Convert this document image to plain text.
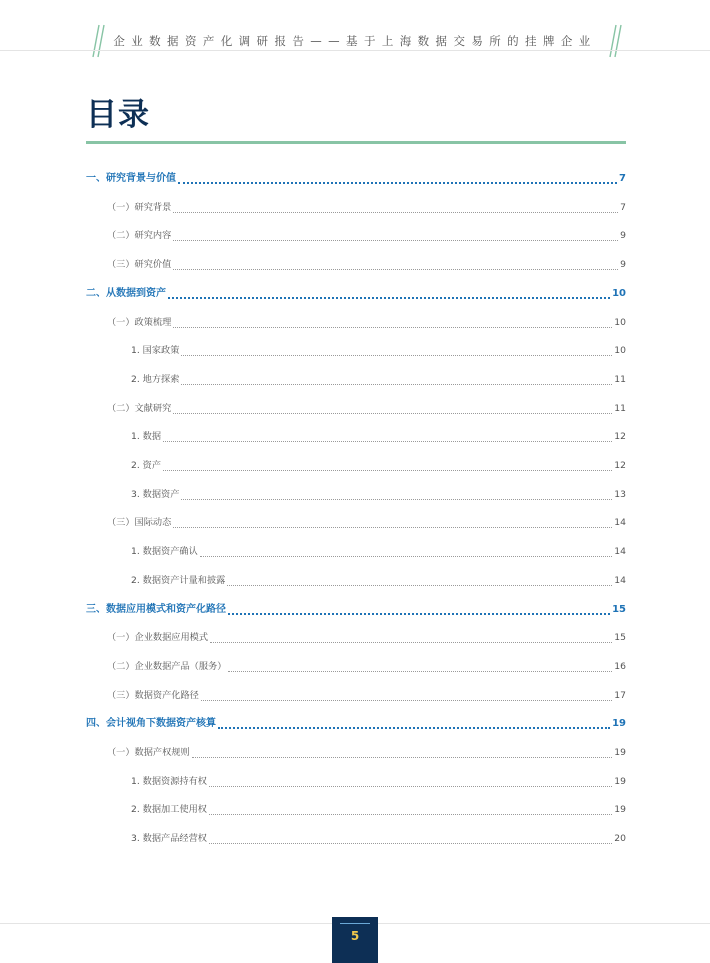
企业数据资产化调研报告——基于上海数据交易所的挂牌企业
目录
一、研究背景与价值	7
（一）研究背景	7
（二）研究内容	9
（三）研究价值	9
二、从数据到资产	10
（一）政策梳理	10
1. 国家政策	10
2. 地方探索	11
（二）文献研究	11
1. 数据	12
2. 资产	12
3. 数据资产	13
（三）国际动态	14
1. 数据资产确认	14
2. 数据资产计量和披露	14
三、数据应用模式和资产化路径	15
（一）企业数据应用模式	15
（二）企业数据产品（服务）	16
（三）数据资产化路径	17
四、会计视角下数据资产核算	19
（一）数据产权规则	19
1. 数据资源持有权	19
2. 数据加工使用权	19
3. 数据产品经营权	20
5
